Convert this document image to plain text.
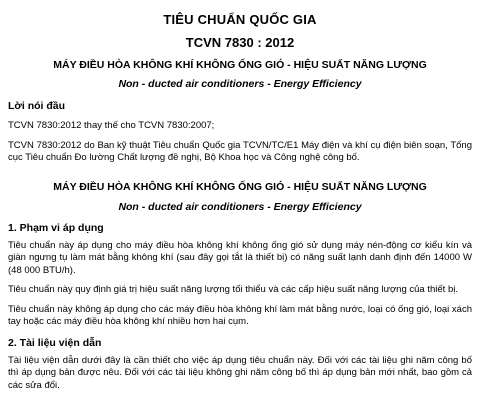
TIÊU CHUẨN QUỐC GIA
TCVN 7830 : 2012
MÁY ĐIỀU HÒA KHÔNG KHÍ KHÔNG ỐNG GIÓ - HIỆU SUẤT NĂNG LƯỢNG
Non - ducted air conditioners - Energy Efficiency
Lời nói đầu
TCVN 7830:2012 thay thế cho TCVN 7830:2007;
TCVN 7830:2012 do Ban kỹ thuật Tiêu chuẩn Quốc gia TCVN/TC/E1 Máy điện và khí cụ điện biên soạn, Tổng cục Tiêu chuẩn Đo lường Chất lượng đề nghị, Bộ Khoa học và Công nghệ công bố.
MÁY ĐIỀU HÒA KHÔNG KHÍ KHÔNG ỐNG GIÓ - HIỆU SUẤT NĂNG LƯỢNG
Non - ducted air conditioners - Energy Efficiency
1. Phạm vi áp dụng
Tiêu chuẩn này áp dụng cho máy điều hòa không khí không ống gió sử dụng máy nén-động cơ kiểu kín và giàn ngưng tụ làm mát bằng không khí (sau đây gọi tắt là thiết bị) có năng suất lạnh danh định đến 14000 W (48 000 BTU/h).
Tiêu chuẩn này quy định giá trị hiệu suất năng lượng tối thiểu và các cấp hiệu suất năng lượng của thiết bị.
Tiêu chuẩn này không áp dụng cho các máy điều hòa không khí làm mát bằng nước, loại có ống gió, loại xách tay hoặc các máy điều hòa không khí nhiều hơn hai cụm.
2. Tài liệu viện dẫn
Tài liệu viện dẫn dưới đây là cần thiết cho việc áp dụng tiêu chuẩn này. Đối với các tài liệu ghi năm công bố thì áp dụng bản được nêu. Đối với các tài liệu không ghi năm công bố thì áp dụng bản mới nhất, bao gồm cả các sửa đổi.
